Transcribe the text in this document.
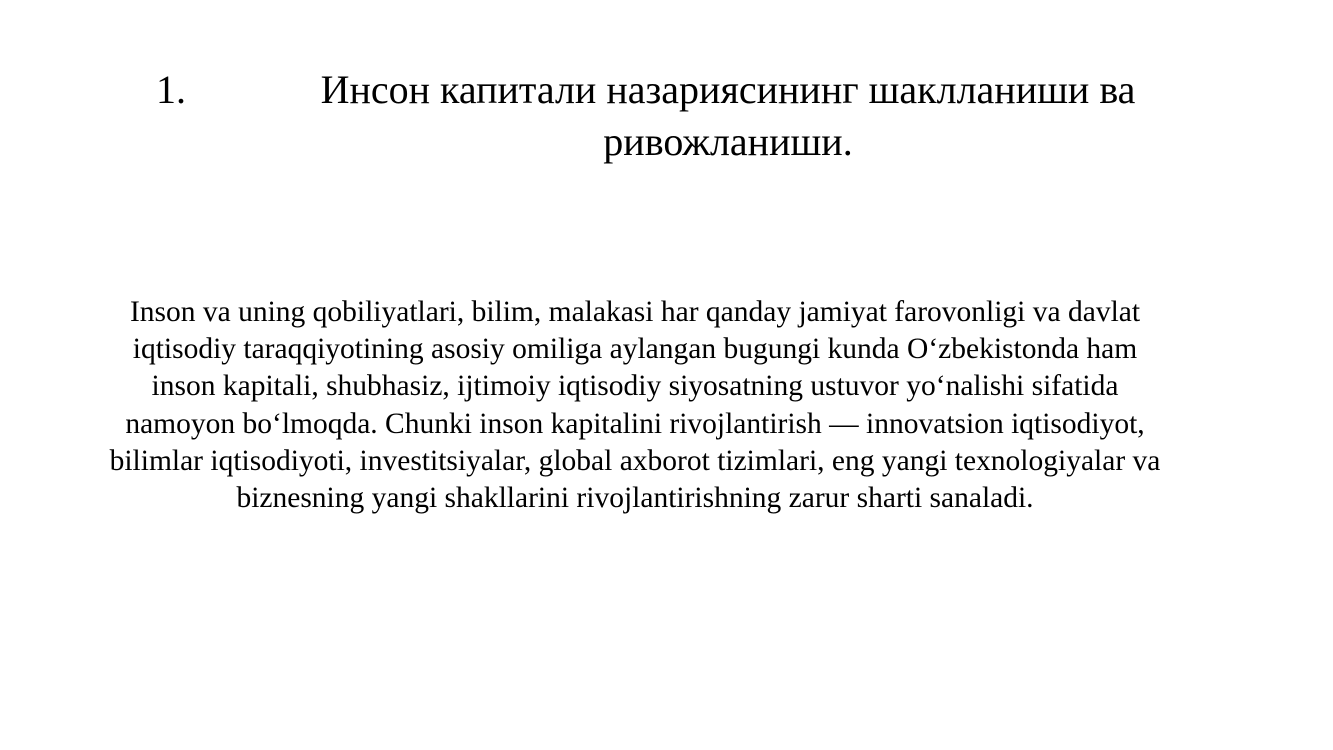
1.	Инсон капитали назариясининг шаклланиши ва ривожланиши.
Inson va uning qobiliyatlari, bilim, malakasi har qanday jamiyat farovonligi va davlat iqtisodiy taraqqiyotining asosiy omiliga aylangan bugungi kunda O‘zbekistonda ham inson kapitali, shubhasiz, ijtimoiy iqtisodiy siyosatning ustuvor yo‘nalishi sifatida namoyon bo‘lmoqda. Chunki inson kapitalini rivojlantirish — innovatsion iqtisodiyot, bilimlar iqtisodiyoti, investitsiyalar, global axborot tizimlari, eng yangi texnologiyalar va biznesning yangi shakllarini rivojlantirishning zarur sharti sanaladi.
